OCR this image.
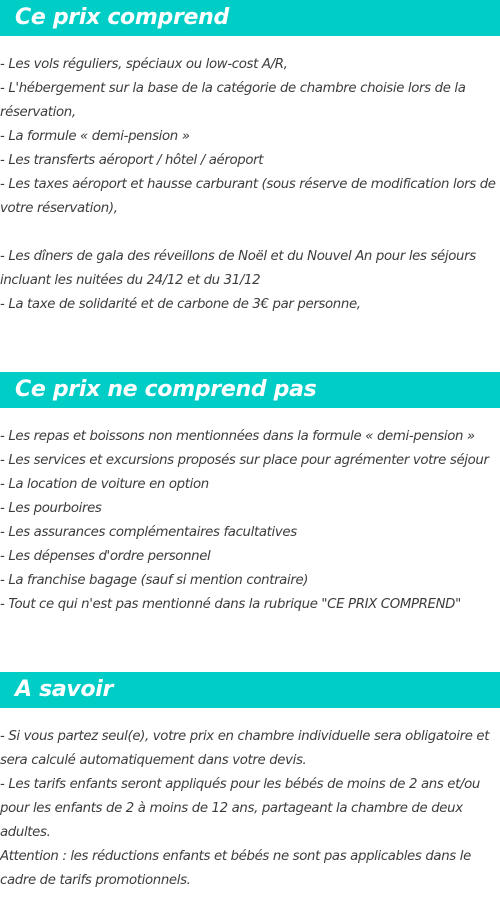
Ce prix comprend

- Les vols réguliers, spéciaux ou low-cost A/R,

- L'hébergement sur la base de la catégorie de chambre choisie lors de la réservation,

- La formule « demi-pension »

- Les transferts aéroport / hôtel / aéroport

- Les taxes aéroport et hausse carburant (sous réserve de modification lors de votre réservation),

- Les dîners de gala des réveillons de Noël et du Nouvel An pour les séjours incluant les nuitées du 24/12 et du 31/12

- La taxe de solidarité et de carbone de 3€ par personne,

Ce prix ne comprend pas

- Les repas et boissons non mentionnées dans la formule « demi-pension »

- Les services et excursions proposés sur place pour agrémenter votre séjour

- La location de voiture en option

- Les pourboires

- Les assurances complémentaires facultatives

- Les dépenses d'ordre personnel

- La franchise bagage (sauf si mention contraire)

- Tout ce qui n'est pas mentionné dans la rubrique "CE PRIX COMPREND"

A savoir

- Si vous partez seul(e), votre prix en chambre individuelle sera obligatoire et sera calculé automatiquement dans votre devis.

- Les tarifs enfants seront appliqués pour les bébés de moins de 2 ans et/ou pour les enfants de 2 à moins de 12 ans, partageant la chambre de deux adultes.

Attention : les réductions enfants et bébés ne sont pas applicables dans le cadre de tarifs promotionnels.
